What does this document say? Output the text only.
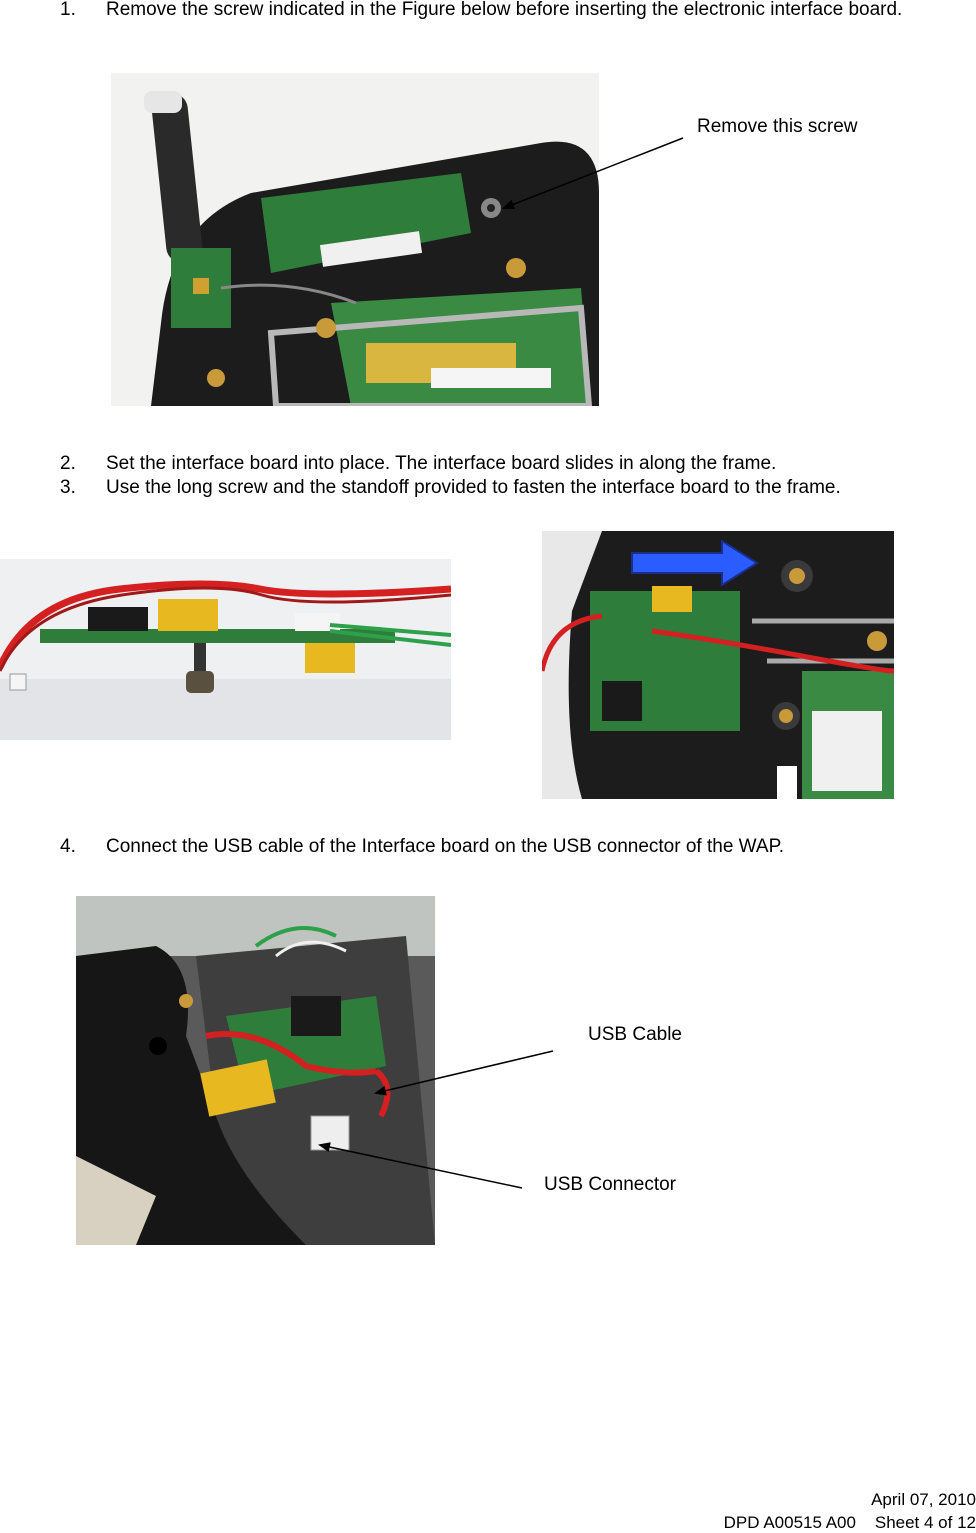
1.	Remove the screw indicated in the Figure below before inserting the electronic interface board.
Remove this screw
2.	Set the interface board into place. The interface board slides in along the frame.
3.	Use the long screw and the standoff provided to fasten the interface board to the frame.
4.	Connect the USB cable of the Interface board on the USB connector of the WAP.
USB Cable
USB Connector
April 07, 2010
DPD A00515 A00    Sheet 4 of 12
